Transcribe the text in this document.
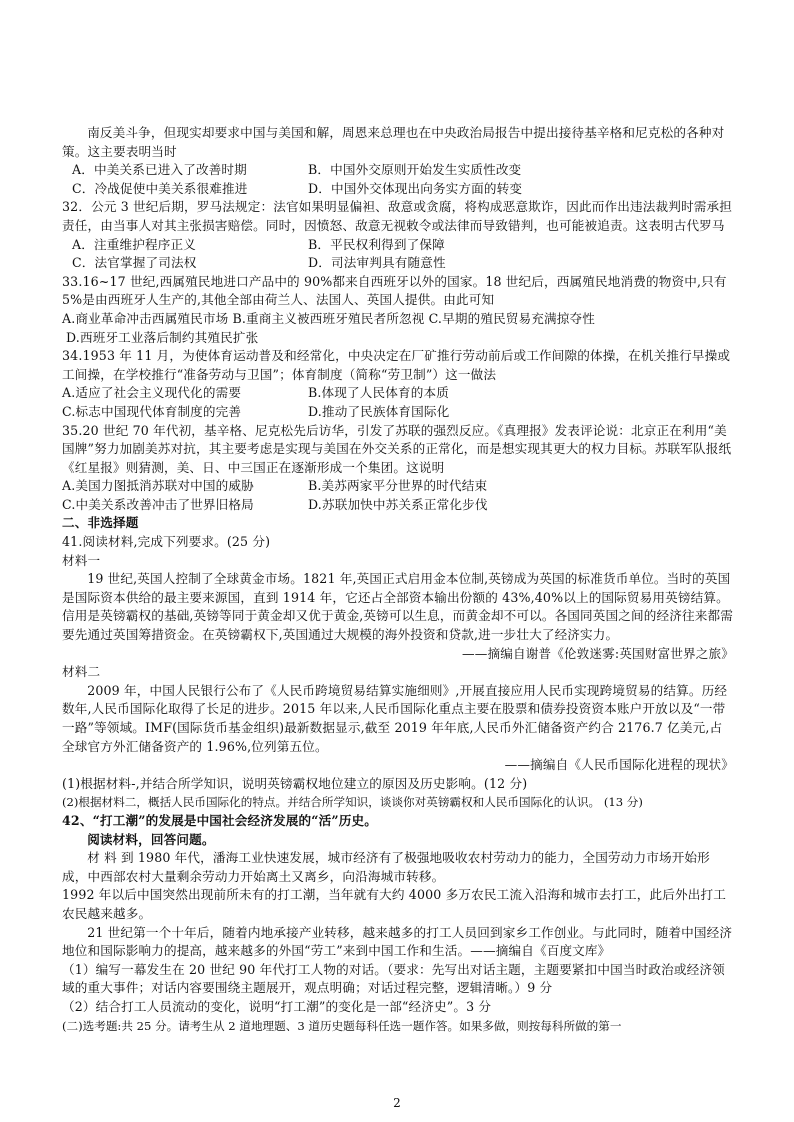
南反美斗争，但现实却要求中国与美国和解，周恩来总理也在中央政治局报告中提出接待基辛格和尼克松的各种对策。这主要表明当时

A．中美关系已进入了改善时期	B．中国外交原则开始发生实质性改变
C．冷战促使中美关系很难推进	D．中国外交体现出向务实方面的转变

32．公元 3 世纪后期，罗马法规定：法官如果明显偏袒、敌意或贪腐，将构成恶意欺诈，因此而作出违法裁判时需承担责任，由当事人对其主张损害赔偿。同时，因愤怒、敌意无视敕令或法律而导致错判，也可能被追责。这表明古代罗马

A．注重维护程序正义	B．平民权利得到了保障
C．法官掌握了司法权	D．司法审判具有随意性

33.16~17 世纪,西属殖民地进口产品中的 90%都来自西班牙以外的国家。18 世纪后，西属殖民地消费的物资中,只有 5%是由西班牙人生产的,其他全部由荷兰人、法国人、英国人提供。由此可知

A.商业革命冲击西属殖民市场 B.重商主义被西班牙殖民者所忽视 C.早期的殖民贸易充满掠夺性

D.西班牙工业落后制约其殖民扩张

34.1953 年 11 月，为使体育运动普及和经常化，中央决定在厂矿推行劳动前后或工作间隙的体操，在机关推行早操或工间操，在学校推行“准备劳动与卫国”；体育制度（简称“劳卫制”）这一做法

A.适应了社会主义现代化的需要	B.体现了人民体育的本质
C.标志中国现代体育制度的完善	D.推动了民族体育国际化

35.20 世纪 70 年代初，基辛格、尼克松先后访华，引发了苏联的强烈反应。《真理报》发表评论说：北京正在利用“美国牌”努力加剧美苏对抗，其主要考虑是实现与美国在外交关系的正常化，而是想实现其更大的权力目标。苏联军队报纸《红星报》则猜测，美、日、中三国正在逐渐形成一个集团。这说明

A.美国力图抵消苏联对中国的威胁	B.美苏两家平分世界的时代结束
C.中美关系改善冲击了世界旧格局	D.苏联加快中苏关系正常化步伐

二、非选择题

41.阅读材料,完成下列要求。(25 分)

材料一

19 世纪,英国人控制了全球黄金市场。1821 年,英国正式启用金本位制,英镑成为英国的标准货币单位。当时的英国是国际资本供给的最主要来源国，直到 1914 年，它还占全部资本输出份额的 43%,40%以上的国际贸易用英镑结算。信用是英镑霸权的基础,英镑等同于黄金却又优于黄金,英镑可以生息，而黄金却不可以。各国同英国之间的经济往来都需要先通过英国筹措资金。在英镑霸权下,英国通过大规模的海外投资和贷款,进一步壮大了经济实力。

——摘编自谢普《伦敦迷雾:英国财富世界之旅》

材料二

2009 年，中国人民银行公布了《人民币跨境贸易结算实施细则》,开展直接应用人民币实现跨境贸易的结算。历经数年,人民币国际化取得了长足的进步。2015 年以来,人民币国际化重点主要在股票和债券投资资本账户开放以及“一带一路”等领域。IMF(国际货币基金组织)最新数据显示,截至 2019 年年底,人民币外汇储备资产约合 2176.7 亿美元,占全球官方外汇储备资产的 1.96%,位列第五位。

——摘编自《人民币国际化进程的现状》

(1)根据材料-,并结合所学知识，说明英镑霸权地位建立的原因及历史影响。(12 分)

(2)根据材料二，概括人民币国际化的特点。并结合所学知识，谈谈你对英镑霸权和人民币国际化的认识。 (13 分)

42、“打工潮”的发展是中国社会经济发展的“活”历史。

阅读材料，回答问题。

材 料 到 1980 年代，潘海工业快速发展，城市经济有了极强地吸收农村劳动力的能力，全国劳动力市场开始形成，中西部农村大量剩余劳动力开始离土又离乡，向沿海城市转移。

1992 年以后中国突然出现前所未有的打工潮，当年就有大约 4000 多万农民工流入沿海和城市去打工，此后外出打工农民越来越多。

21 世纪第一个十年后，随着内地承接产业转移，越来越多的打工人员回到家乡工作创业。与此同时，随着中国经济地位和国际影响力的提高，越来越多的外国“劳工”来到中国工作和生活。——摘编自《百度文库》

（1）编写一幕发生在 20 世纪 90 年代打工人物的对话。（要求：先写出对话主题，主题要紧扣中国当时政治或经济领域的重大事件；对话内容要围绕主题展开，观点明确；对话过程完整，逻辑清晰。）9 分

（2）结合打工人员流动的变化，说明“打工潮”的变化是一部“经济史”。3 分

(二)选考题:共 25 分。请考生从 2 道地理题、3 道历史题每科任选一题作答。如果多做，则按每科所做的第一

2
